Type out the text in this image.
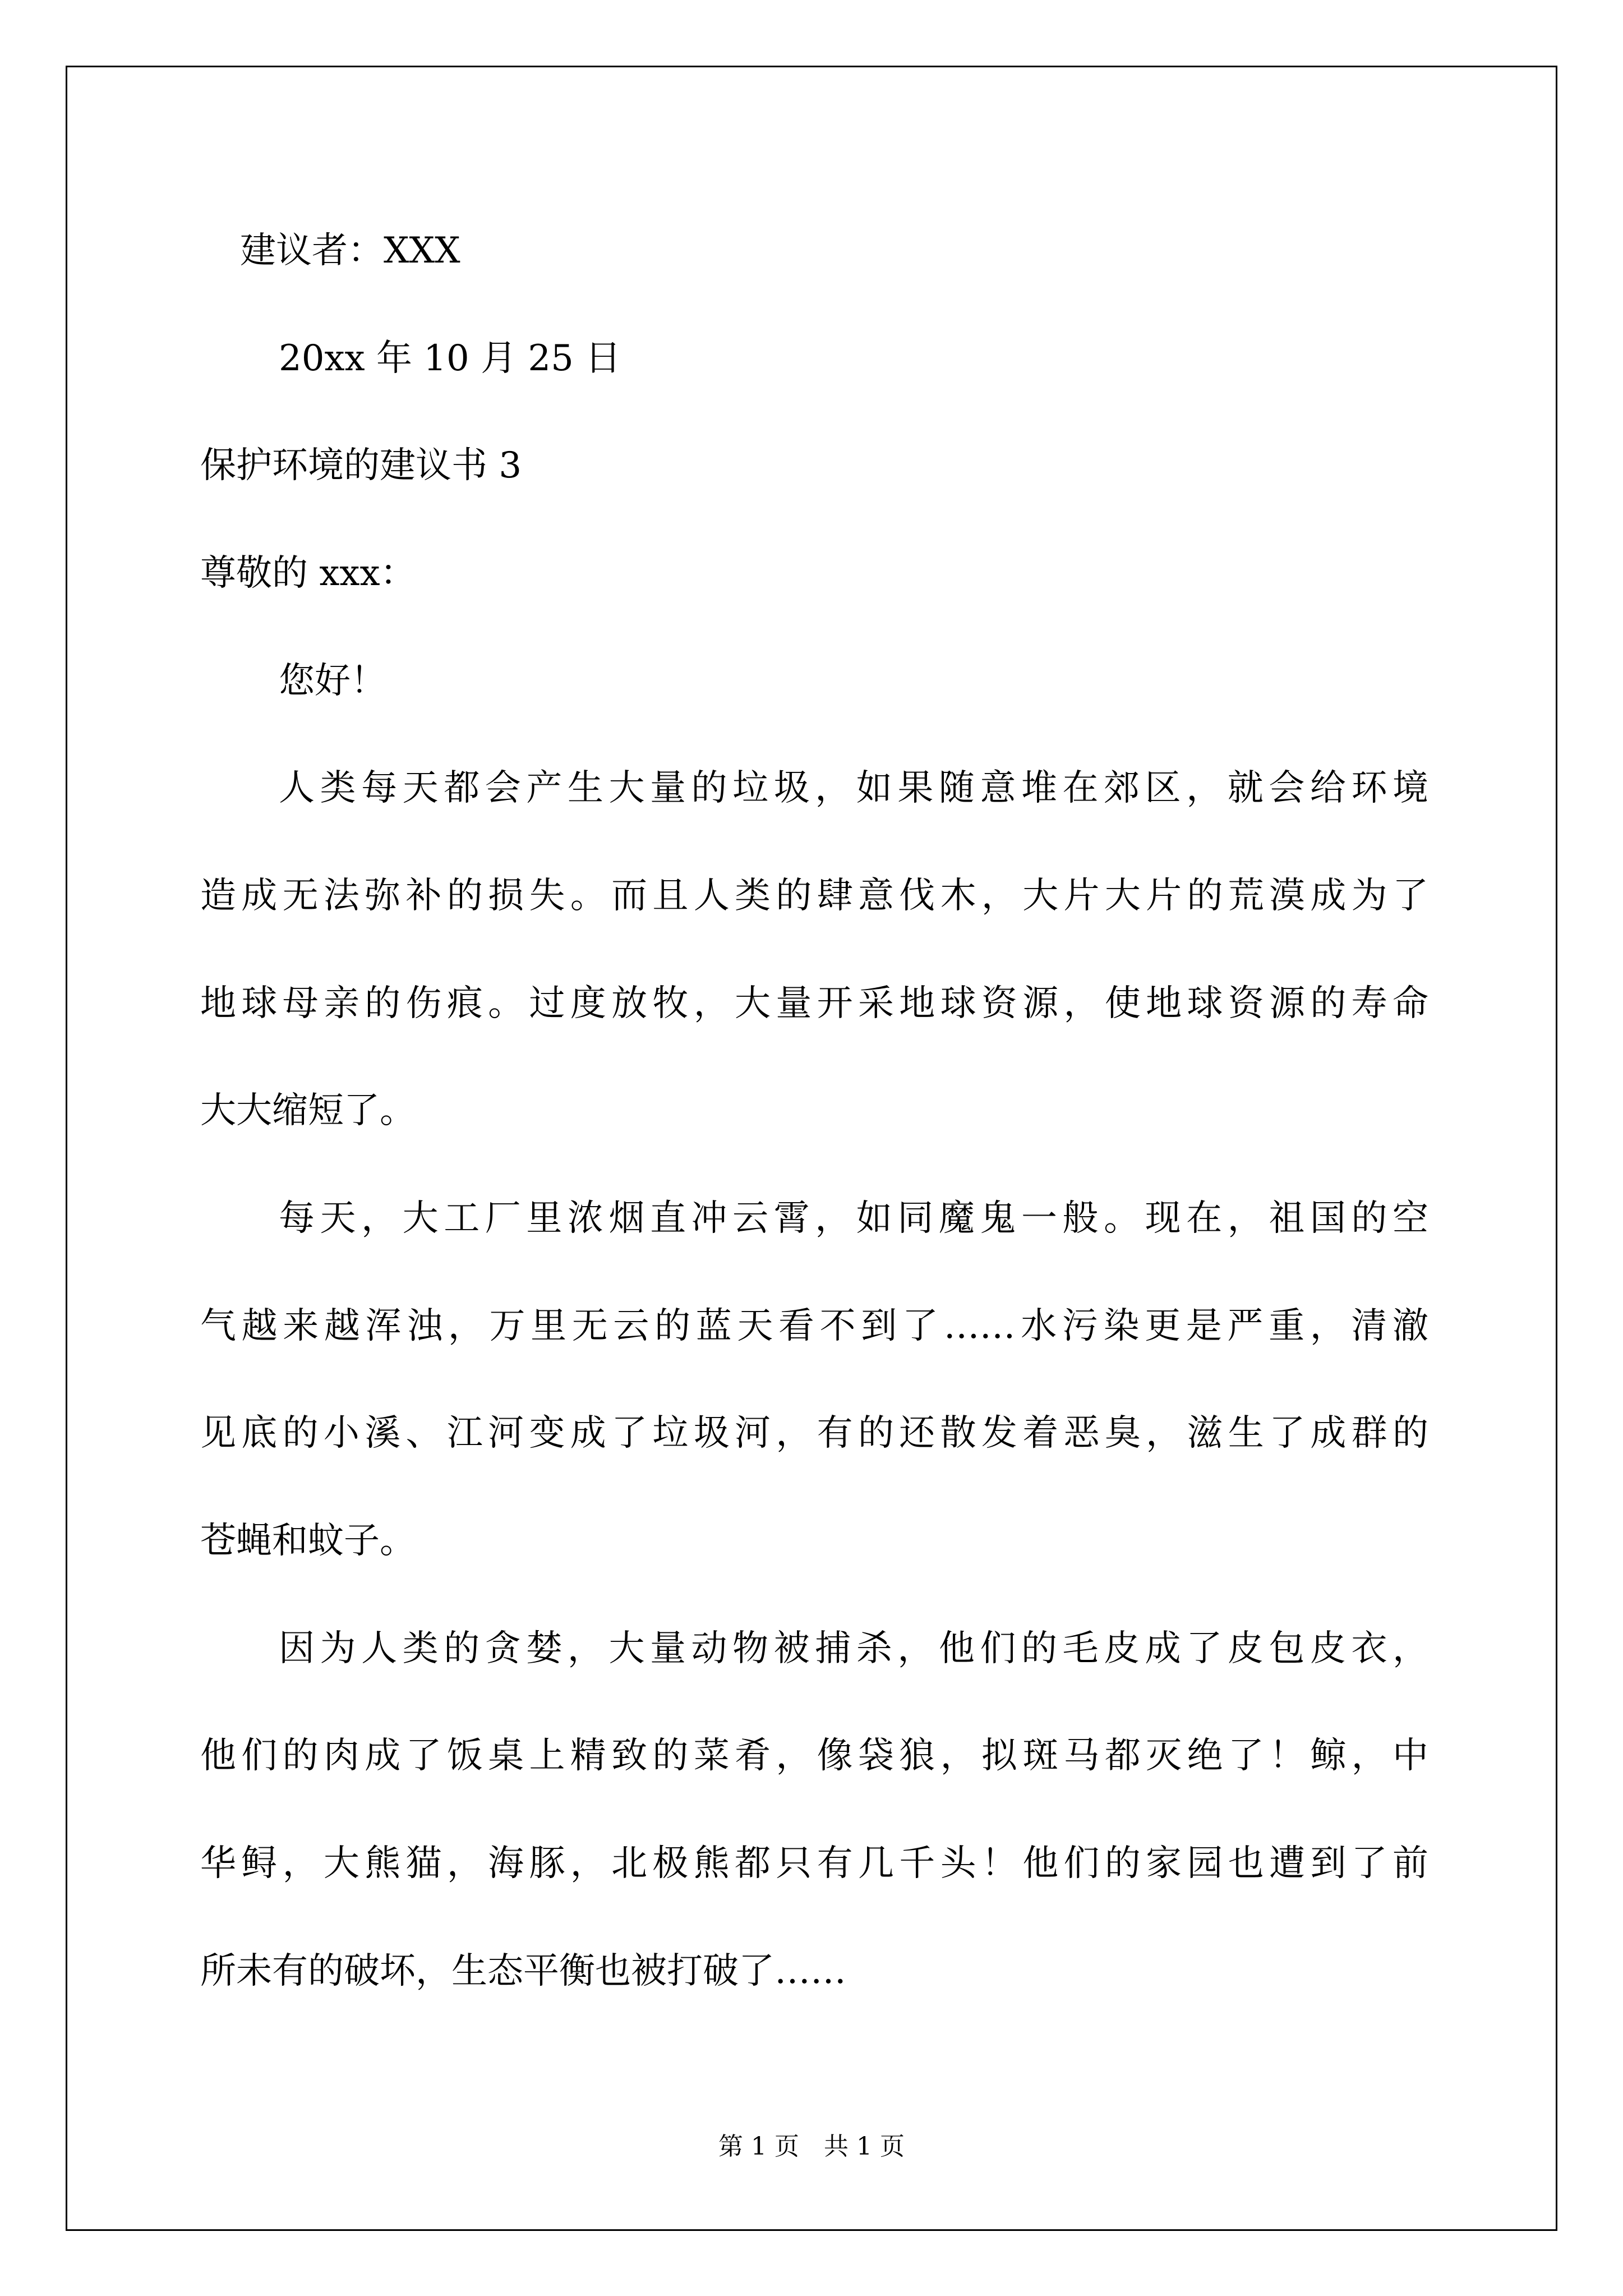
建议者：XXX
20xx 年 10 月 25 日
保护环境的建议书 3
尊敬的 xxx：
您好！
人类每天都会产生大量的垃圾，如果随意堆在郊区，就会给环境
造成无法弥补的损失。而且人类的肆意伐木，大片大片的荒漠成为了
地球母亲的伤痕。过度放牧，大量开采地球资源，使地球资源的寿命
大大缩短了。
每天，大工厂里浓烟直冲云霄，如同魔鬼一般。现在，祖国的空
气越来越浑浊，万里无云的蓝天看不到了……水污染更是严重，清澈
见底的小溪、江河变成了垃圾河，有的还散发着恶臭，滋生了成群的
苍蝇和蚊子。
因为人类的贪婪，大量动物被捕杀，他们的毛皮成了皮包皮衣，
他们的肉成了饭桌上精致的菜肴，像袋狼，拟斑马都灭绝了！鲸，中
华鲟，大熊猫，海豚，北极熊都只有几千头！他们的家园也遭到了前
所未有的破坏，生态平衡也被打破了……
第 1 页　共 1 页
